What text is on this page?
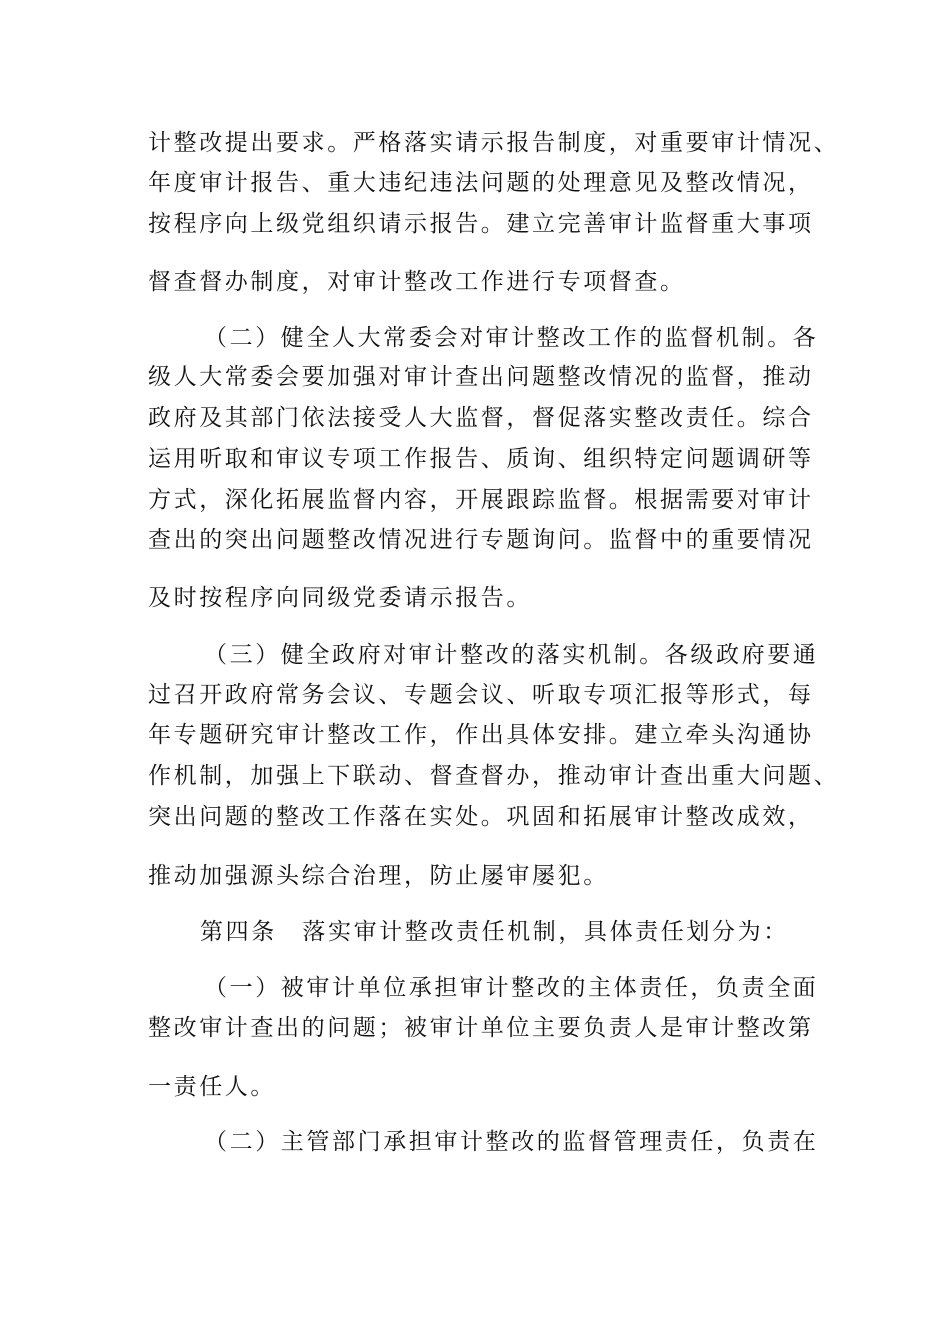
计整改提出要求。严格落实请示报告制度，对重要审计情况、
年度审计报告、重大违纪违法问题的处理意见及整改情况，
按程序向上级党组织请示报告。建立完善审计监督重大事项
督查督办制度，对审计整改工作进行专项督查。
（二）健全人大常委会对审计整改工作的监督机制。各
级人大常委会要加强对审计查出问题整改情况的监督，推动
政府及其部门依法接受人大监督，督促落实整改责任。综合
运用听取和审议专项工作报告、质询、组织特定问题调研等
方式，深化拓展监督内容，开展跟踪监督。根据需要对审计
查出的突出问题整改情况进行专题询问。监督中的重要情况
及时按程序向同级党委请示报告。
（三）健全政府对审计整改的落实机制。各级政府要通
过召开政府常务会议、专题会议、听取专项汇报等形式，每
年专题研究审计整改工作，作出具体安排。建立牵头沟通协
作机制，加强上下联动、督查督办，推动审计查出重大问题、
突出问题的整改工作落在实处。巩固和拓展审计整改成效，
推动加强源头综合治理，防止屡审屡犯。
第四条　落实审计整改责任机制，具体责任划分为：
（一）被审计单位承担审计整改的主体责任，负责全面
整改审计查出的问题；被审计单位主要负责人是审计整改第
一责任人。
（二）主管部门承担审计整改的监督管理责任，负责在
